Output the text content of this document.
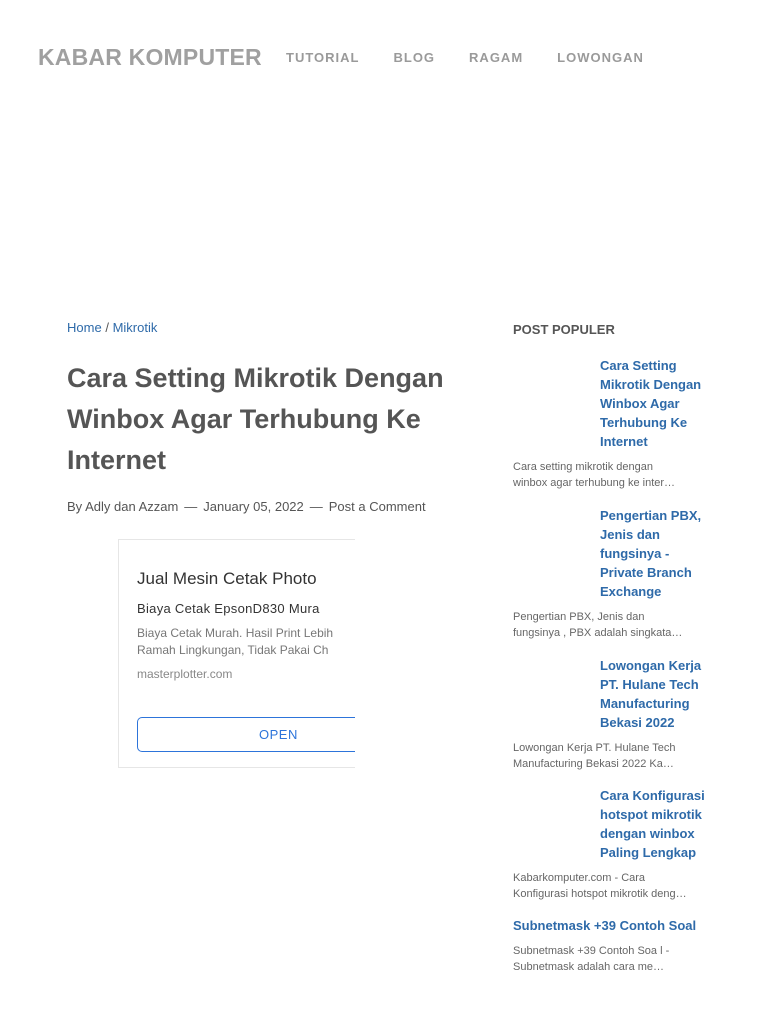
KABAR KOMPUTER TUTORIAL	BLOG	RAGAM	LOWONGAN
Home / Mikrotik
Cara Setting Mikrotik Dengan Winbox Agar Terhubung Ke Internet
By Adly dan Azzam — January 05, 2022 — Post a Comment
Jual Mesin Cetak Photo
Biaya Cetak EpsonD830 Mura
Biaya Cetak Murah. Hasil Print Lebih
Ramah Lingkungan, Tidak Pakai Ch
masterplotter.com
OPEN
POST POPULER
Cara Setting Mikrotik Dengan Winbox Agar Terhubung Ke Internet
Cara setting mikrotik dengan
winbox agar terhubung ke inter…
Pengertian PBX, Jenis dan fungsinya - Private Branch Exchange
Pengertian PBX, Jenis dan
fungsinya , PBX adalah singkata…
Lowongan Kerja PT. Hulane Tech Manufacturing Bekasi 2022
Lowongan Kerja PT. Hulane Tech
Manufacturing Bekasi 2022 Ka…
Cara Konfigurasi hotspot mikrotik dengan winbox Paling Lengkap
Kabarkomputer.com - Cara
Konfigurasi hotspot mikrotik deng…
Subnetmask +39 Contoh Soal
Subnetmask +39 Contoh Soa l -
Subnetmask adalah cara me…
